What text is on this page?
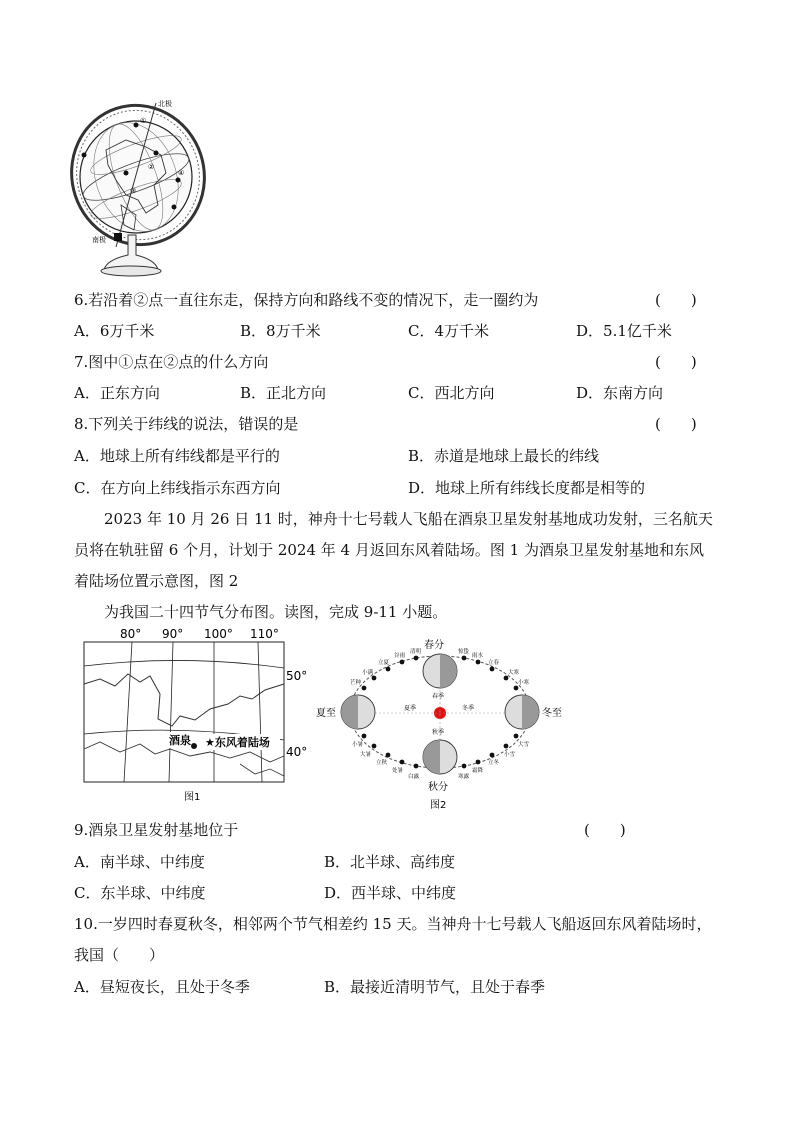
①
②
③
④
北极
南极
6.若沿着②点一直往东走，保持方向和路线不变的情况下，走一圈约为	(　　)
A．6万千米	B．8万千米	C．4万千米	D．5.1亿千米
7.图中①点在②点的什么方向	(　　)
A．正东方向	B．正北方向	C．西北方向	D．东南方向
8.下列关于纬线的说法，错误的是	(　　)
A．地球上所有纬线都是平行的	B．赤道是地球上最长的纬线
C．在方向上纬线指示东西方向	D．地球上所有纬线长度都是相等的
2023 年 10 月 26 日 11 时，神舟十七号载人飞船在酒泉卫星发射基地成功发射，三名航天
员将在轨驻留 6 个月，计划于 2024 年 4 月返回东风着陆场。图 1 为酒泉卫星发射基地和东风
着陆场位置示意图，图 2
为我国二十四节气分布图。读图，完成 9-11 小题。
80° 90° 100° 110°
50°
40°
酒泉 ★东风着陆场
图1
春分
夏至
秋分
冬至
春季
夏季
秋季
冬季
芒种
小满
立夏
谷雨
清明	惊蛰
雨水
立春
大寒
小寒
小暑
大暑
立秋
处暑
白露	寒露
霜降
立冬
小雪
大雪
图2
9.酒泉卫星发射基地位于	(　　)
A．南半球、中纬度	B．北半球、高纬度
C．东半球、中纬度	D．西半球、中纬度
10.一岁四时春夏秋冬，相邻两个节气相差约 15 天。当神舟十七号载人飞船返回东风着陆场时，
我国（　　）
A．昼短夜长，且处于冬季	B．最接近清明节气，且处于春季
